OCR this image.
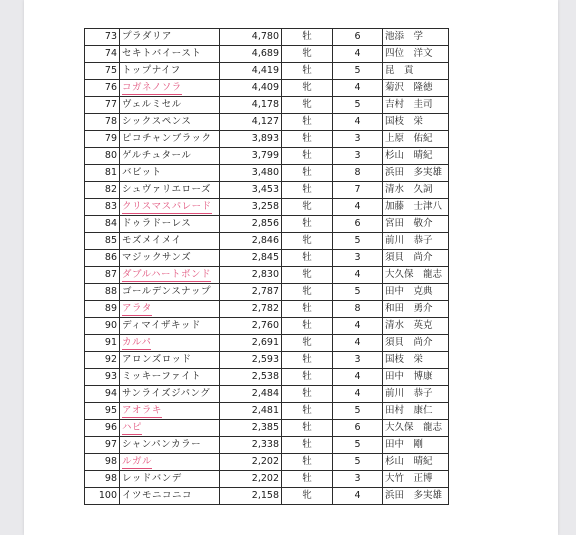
73	プラダリア	4,780	牡	6	池添　学
74	セキトバイースト	4,689	牝	4	四位　洋文
75	トップナイフ	4,419	牡	5	昆　貢
76	コガネノソラ	4,409	牝	4	菊沢　隆徳
77	ヴェルミセル	4,178	牝	5	吉村　圭司
78	シックスペンス	4,127	牡	4	国枝　栄
79	ピコチャンブラック	3,893	牡	3	上原　佑紀
80	ゲルチュタール	3,799	牡	3	杉山　晴紀
81	バビット	3,480	牡	8	浜田　多実雄
82	シュヴァリエローズ	3,453	牡	7	清水　久詞
83	クリスマスパレード	3,258	牝	4	加藤　士津八
84	ドゥラドーレス	2,856	牡	6	宮田　敬介
85	モズメイメイ	2,846	牝	5	前川　恭子
86	マジックサンズ	2,845	牡	3	須貝　尚介
87	ダブルハートボンド	2,830	牝	4	大久保　龍志
88	ゴールデンスナップ	2,787	牝	5	田中　克典
89	アラタ	2,782	牡	8	和田　勇介
90	ディマイザキッド	2,760	牡	4	清水　英克
91	カルパ	2,691	牝	4	須貝　尚介
92	アロンズロッド	2,593	牡	3	国枝　栄
93	ミッキーファイト	2,538	牡	4	田中　博康
94	サンライズジパング	2,484	牡	4	前川　恭子
95	アオラキ	2,481	牡	5	田村　康仁
96	ハピ	2,385	牡	6	大久保　龍志
97	シャンパンカラー	2,338	牡	5	田中　剛
98	ルガル	2,202	牡	5	杉山　晴紀
98	レッドバンデ	2,202	牡	3	大竹　正博
100	イツモニコニコ	2,158	牝	4	浜田　多実雄
